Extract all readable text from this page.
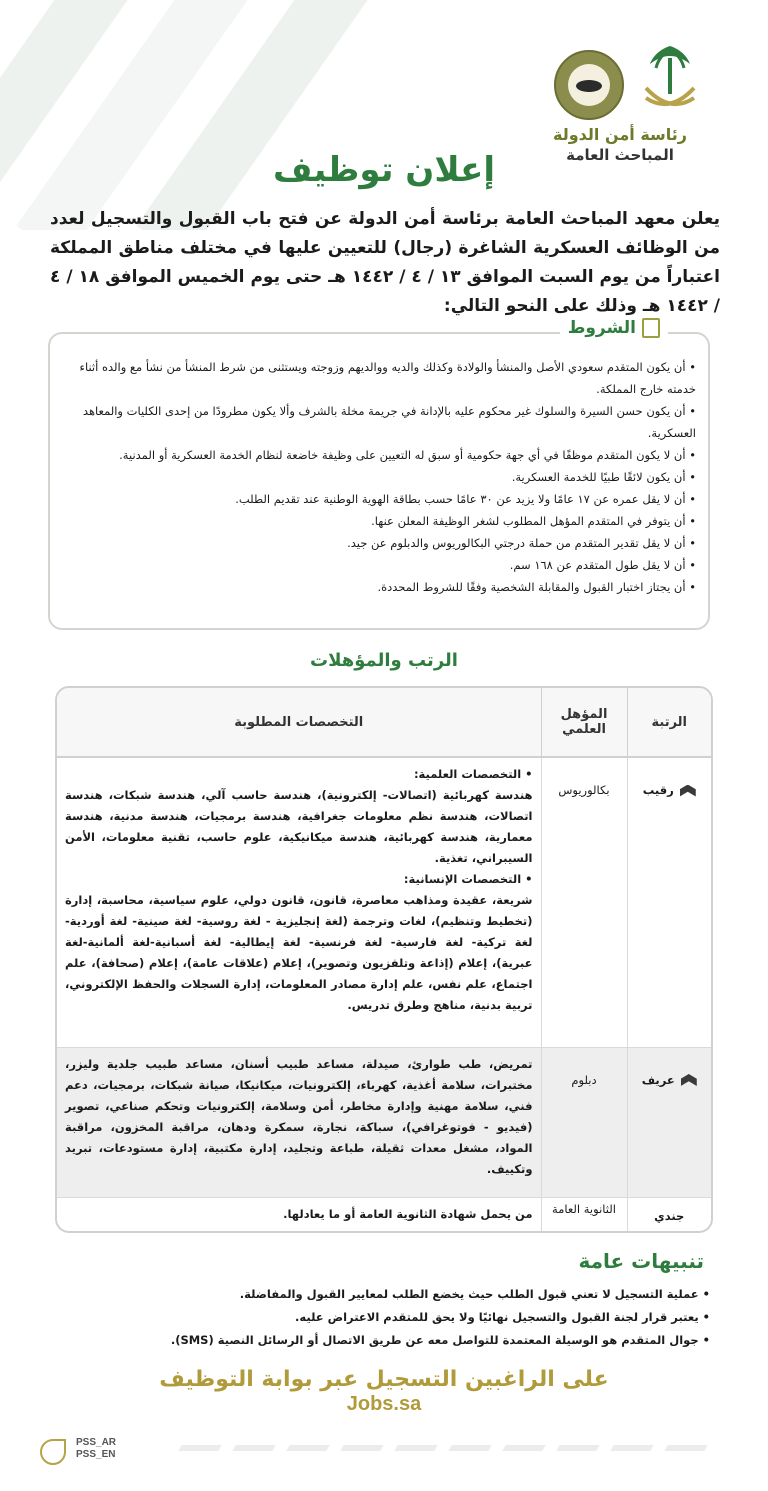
رئاسة أمن الدولة
المباحث العامة
إعلان توظيف
يعلن معهد المباحث العامة برئاسة أمن الدولة عن فتح باب القبول والتسجيل لعدد من الوظائف العسكرية الشاغرة (رجال) للتعيين عليها في مختلف مناطق المملكة اعتباراً من يوم السبت الموافق ١٣ / ٤ / ١٤٤٢ هـ حتى يوم الخميس الموافق ١٨ / ٤ / ١٤٤٢ هـ وذلك على النحو التالي:
الشروط
• أن يكون المتقدم سعودي الأصل والمنشأ والولادة وكذلك والديه ووالديهم وزوجته ويستثنى من شرط المنشأ من نشأ مع والده أثناء خدمته خارج المملكة.
• أن يكون حسن السيرة والسلوك غير محكوم عليه بالإدانة في جريمة مخلة بالشرف وألا يكون مطرودًا من إحدى الكليات والمعاهد العسكرية.
• أن لا يكون المتقدم موظفًا في أي جهة حكومية أو سبق له التعيين على وظيفة خاضعة لنظام الخدمة العسكرية أو المدنية.
• أن يكون لائقًا طبيًا للخدمة العسكرية.
• أن لا يقل عمره عن ١٧ عامًا ولا يزيد عن ٣٠ عامًا حسب بطاقة الهوية الوطنية عند تقديم الطلب.
• أن يتوفر في المتقدم المؤهل المطلوب لشغر الوظيفة المعلن عنها.
• أن لا يقل تقدير المتقدم من حملة درجتي البكالوريوس والدبلوم عن جيد.
• أن لا يقل طول المتقدم عن ١٦٨ سم.
• أن يجتاز اختبار القبول والمقابلة الشخصية وفقًا للشروط المحددة.
الرتب والمؤهلات
الرتبة	المؤهل العلمي	التخصصات المطلوبة
رقيب	بكالوريوس	• التخصصات العلمية:
هندسة كهربائية (اتصالات- إلكترونية)، هندسة حاسب آلي، هندسة شبكات، هندسة اتصالات، هندسة نظم معلومات جغرافية، هندسة برمجيات، هندسة مدنية، هندسة معمارية، هندسة كهربائية، هندسة ميكانيكية، علوم حاسب، تقنية معلومات، الأمن السيبراني، تغذية.
• التخصصات الإنسانية:
شريعة، عقيدة ومذاهب معاصرة، قانون، قانون دولي، علوم سياسية، محاسبة، إدارة (تخطيط وتنظيم)، لغات وترجمة (لغة إنجليزية - لغة روسية- لغة صينية- لغة أوردية- لغة تركية- لغة فارسية- لغة فرنسية- لغة إيطالية- لغة أسبانية-لغة ألمانية-لغة عبرية)، إعلام (إذاعة وتلفزيون وتصوير)، إعلام (علاقات عامة)، إعلام (صحافة)، علم اجتماع، علم نفس، علم إدارة مصادر المعلومات، إدارة السجلات والحفظ الإلكتروني، تربية بدنية، مناهج وطرق تدريس.
عريف	دبلوم	تمريض، طب طوارئ، صيدلة، مساعد طبيب أسنان، مساعد طبيب جلدية وليزر، مختبرات، سلامة أغذية، كهرباء، إلكترونيات، ميكانيكا، صيانة شبكات، برمجيات، دعم فني، سلامة مهنية وإدارة مخاطر، أمن وسلامة، إلكترونيات وتحكم صناعي، تصوير (فيديو - فوتوغرافي)، سباكة، نجارة، سمكرة ودهان، مراقبة المخزون، مراقبة المواد، مشغل معدات ثقيلة، طباعة وتجليد، إدارة مكتبية، إدارة مستودعات، تبريد وتكييف.
جندي	الثانوية العامة	من يحمل شهادة الثانوية العامة أو ما يعادلها.
تنبيهات عامة
• عملية التسجيل لا تعني قبول الطلب حيث يخضع الطلب لمعايير القبول والمفاضلة.
• يعتبر قرار لجنة القبول والتسجيل نهائيًا ولا يحق للمتقدم الاعتراض عليه.
• جوال المتقدم هو الوسيلة المعتمدة للتواصل معه عن طريق الاتصال أو الرسائل النصية (SMS).
على الراغبين التسجيل عبر بوابة التوظيف
Jobs.sa
PSS_AR
PSS_EN
